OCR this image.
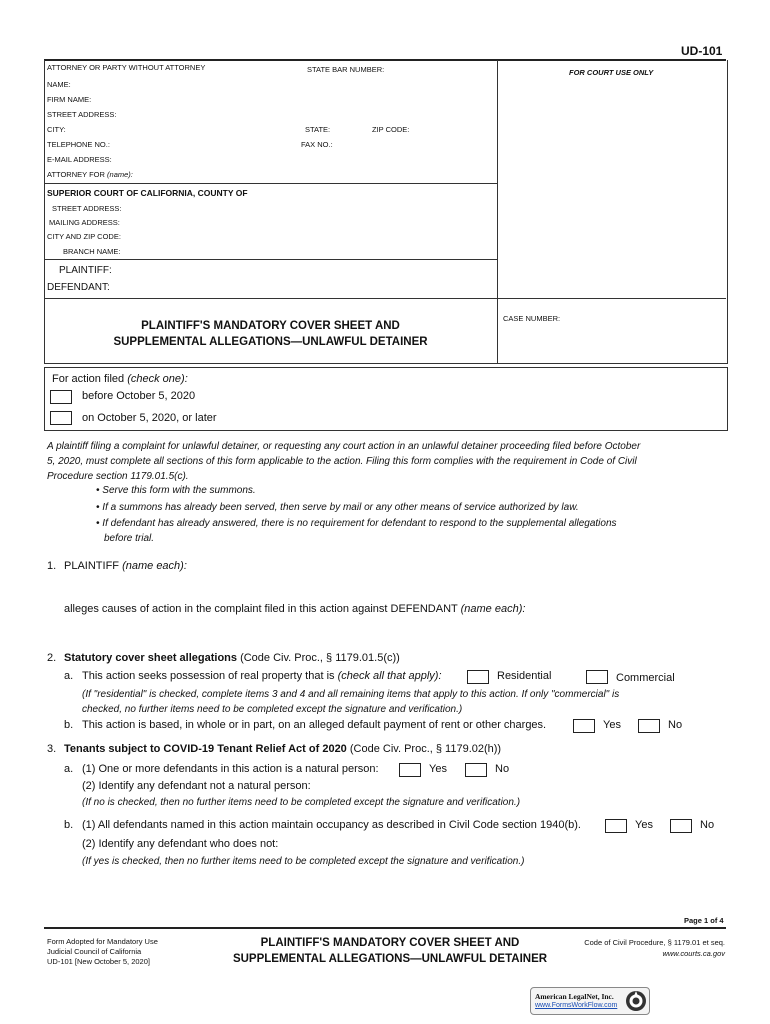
UD-101
ATTORNEY OR PARTY WITHOUT ATTORNEY	STATE BAR NUMBER:	FOR COURT USE ONLY
NAME:
FIRM NAME:
STREET ADDRESS:
CITY:	STATE:	ZIP CODE:
TELEPHONE NO.:	FAX NO.:
E-MAIL ADDRESS:
ATTORNEY FOR (name):
SUPERIOR COURT OF CALIFORNIA, COUNTY OF
STREET ADDRESS:
MAILING ADDRESS:
CITY AND ZIP CODE:
BRANCH NAME:
PLAINTIFF:
DEFENDANT:
PLAINTIFF'S MANDATORY COVER SHEET AND
SUPPLEMENTAL ALLEGATIONS—UNLAWFUL DETAINER
CASE NUMBER:
For action filed (check one):
before October 5, 2020
on October 5, 2020, or later
A plaintiff filing a complaint for unlawful detainer, or requesting any court action in an unlawful detainer proceeding filed before October
5, 2020, must complete all sections of this form applicable to the action. Filing this form complies with the requirement in Code of Civil
Procedure section 1179.01.5(c).
• Serve this form with the summons.
• If a summons has already been served, then serve by mail or any other means of service authorized by law.
• If defendant has already answered, there is no requirement for defendant to respond to the supplemental allegations
before trial.
1. PLAINTIFF (name each):
alleges causes of action in the complaint filed in this action against DEFENDANT (name each):
2. Statutory cover sheet allegations (Code Civ. Proc., § 1179.01.5(c))
a. This action seeks possession of real property that is (check all that apply):	Residential	Commercial
(If "residential" is checked, complete items 3 and 4 and all remaining items that apply to this action. If only "commercial" is
checked, no further items need to be completed except the signature and verification.)
b. This action is based, in whole or in part, on an alleged default payment of rent or other charges.	Yes	No
3. Tenants subject to COVID-19 Tenant Relief Act of 2020 (Code Civ. Proc., § 1179.02(h))
a. (1) One or more defendants in this action is a natural person:	Yes	No
(2) Identify any defendant not a natural person:
(If no is checked, then no further items need to be completed except the signature and verification.)
b. (1) All defendants named in this action maintain occupancy as described in Civil Code section 1940(b).	Yes	No
(2) Identify any defendant who does not:
(If yes is checked, then no further items need to be completed except the signature and verification.)
Page 1 of 4
Form Adopted for Mandatory Use
Judicial Council of California
UD-101 [New October 5, 2020]
PLAINTIFF'S MANDATORY COVER SHEET AND
SUPPLEMENTAL ALLEGATIONS—UNLAWFUL DETAINER
Code of Civil Procedure, § 1179.01 et seq.
www.courts.ca.gov
American LegalNet, Inc.
www.FormsWorkFlow.com
